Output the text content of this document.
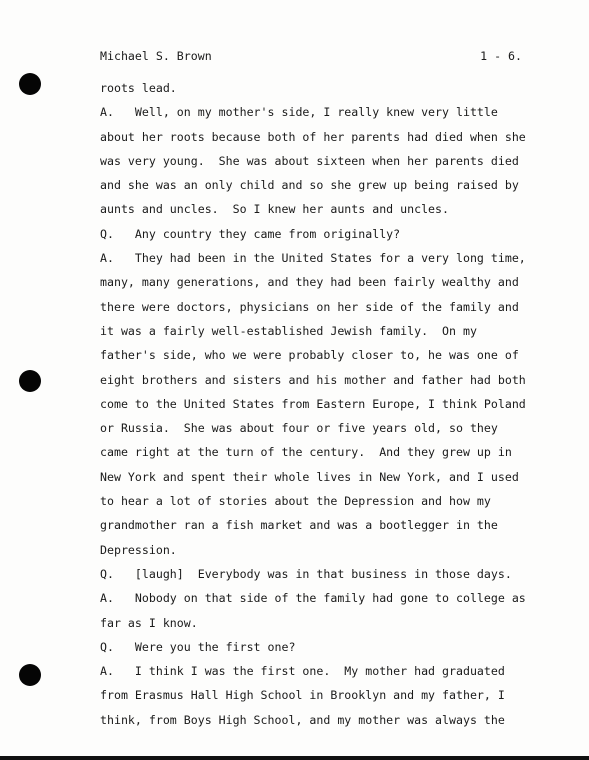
Michael S. Brown	1 - 6.
roots lead.
A.   Well, on my mother's side, I really knew very little
about her roots because both of her parents had died when she
was very young.  She was about sixteen when her parents died
and she was an only child and so she grew up being raised by
aunts and uncles.  So I knew her aunts and uncles.
Q.   Any country they came from originally?
A.   They had been in the United States for a very long time,
many, many generations, and they had been fairly wealthy and
there were doctors, physicians on her side of the family and
it was a fairly well-established Jewish family.  On my
father's side, who we were probably closer to, he was one of
eight brothers and sisters and his mother and father had both
come to the United States from Eastern Europe, I think Poland
or Russia.  She was about four or five years old, so they
came right at the turn of the century.  And they grew up in
New York and spent their whole lives in New York, and I used
to hear a lot of stories about the Depression and how my
grandmother ran a fish market and was a bootlegger in the
Depression.
Q.   [laugh]  Everybody was in that business in those days.
A.   Nobody on that side of the family had gone to college as
far as I know.
Q.   Were you the first one?
A.   I think I was the first one.  My mother had graduated
from Erasmus Hall High School in Brooklyn and my father, I
think, from Boys High School, and my mother was always the
